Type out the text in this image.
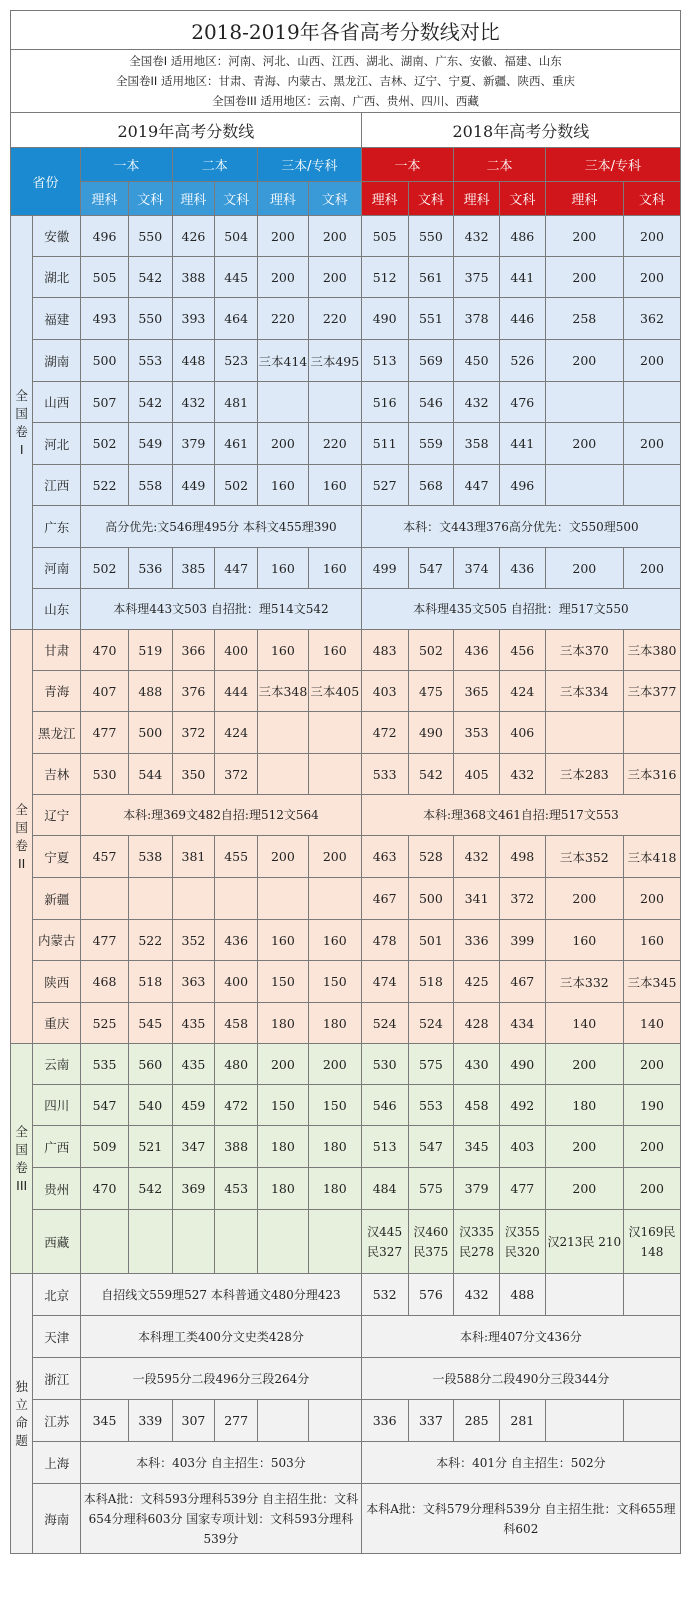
2018-2019年各省高考分数线对比
全国卷I 适用地区：河南、河北、山西、江西、湖北、湖南、广东、安徽、福建、山东
全国卷II 适用地区：甘肃、青海、内蒙古、黑龙江、吉林、辽宁、宁夏、新疆、陕西、重庆
全国卷III 适用地区：云南、广西、贵州、四川、西藏
2019年高考分数线								2018年高考分数线					
省份		一本		二本		三本/专科		一本		二本		三本/专科	
		理科	文科	理科	文科	理科	文科	理科	文科	理科	文科	理科	文科

全
国
卷
I	安徽	496	550	426	504	200	200	505	550	432	486	200	200
	湖北	505	542	388	445	200	200	512	561	375	441	200	200
	福建	493	550	393	464	220	220	490	551	378	446	258	362
	湖南	500	553	448	523	三本414	三本495	513	569	450	526	200	200
	山西	507	542	432	481			516	546	432	476		
	河北	502	549	379	461	200	220	511	559	358	441	200	200
	江西	522	558	449	502	160	160	527	568	447	496		
	广东	高分优先:文546理495分 本科文455理390						本科：文443理376高分优先：文550理500					
	河南	502	536	385	447	160	160	499	547	374	436	200	200
	山东	本科理443文503 自招批：理514文542						本科理435文505 自招批：理517文550					

全
国
卷
II	甘肃	470	519	366	400	160	160	483	502	436	456	三本370	三本380
	青海	407	488	376	444	三本348	三本405	403	475	365	424	三本334	三本377
	黑龙江	477	500	372	424			472	490	353	406		
	吉林	530	544	350	372			533	542	405	432	三本283	三本316
	辽宁	本科:理369文482自招:理512文564						本科:理368文461自招:理517文553					
	宁夏	457	538	381	455	200	200	463	528	432	498	三本352	三本418
	新疆							467	500	341	372	200	200
	内蒙古	477	522	352	436	160	160	478	501	336	399	160	160
	陕西	468	518	363	400	150	150	474	518	425	467	三本332	三本345
	重庆	525	545	435	458	180	180	524	524	428	434	140	140

全
国
卷
III	云南	535	560	435	480	200	200	530	575	430	490	200	200
	四川	547	540	459	472	150	150	546	553	458	492	180	190
	广西	509	521	347	388	180	180	513	547	345	403	200	200
	贵州	470	542	369	453	180	180	484	575	379	477	200	200
	西藏							汉445 民327	汉460 民375	汉335 民278	汉355 民320	汉213民 210	汉169民 148

独
立
命
题	北京	自招线文559理527 本科普通文480分理423						532	576	432	488		
	天津	本科理工类400分文史类428分						本科:理407分文436分					
	浙江	一段595分二段496分三段264分						一段588分二段490分三段344分					
	江苏	345	339	307	277			336	337	285	281		
	上海	本科：403分 自主招生：503分						本科：401分 自主招生：502分					
	海南	本科A批：文科593分理科539分 自主招生批：文科654分理科603分 国家专项计划：文科593分理科539分						本科A批：文科579分理科539分 自主招生批：文科655理科602					
